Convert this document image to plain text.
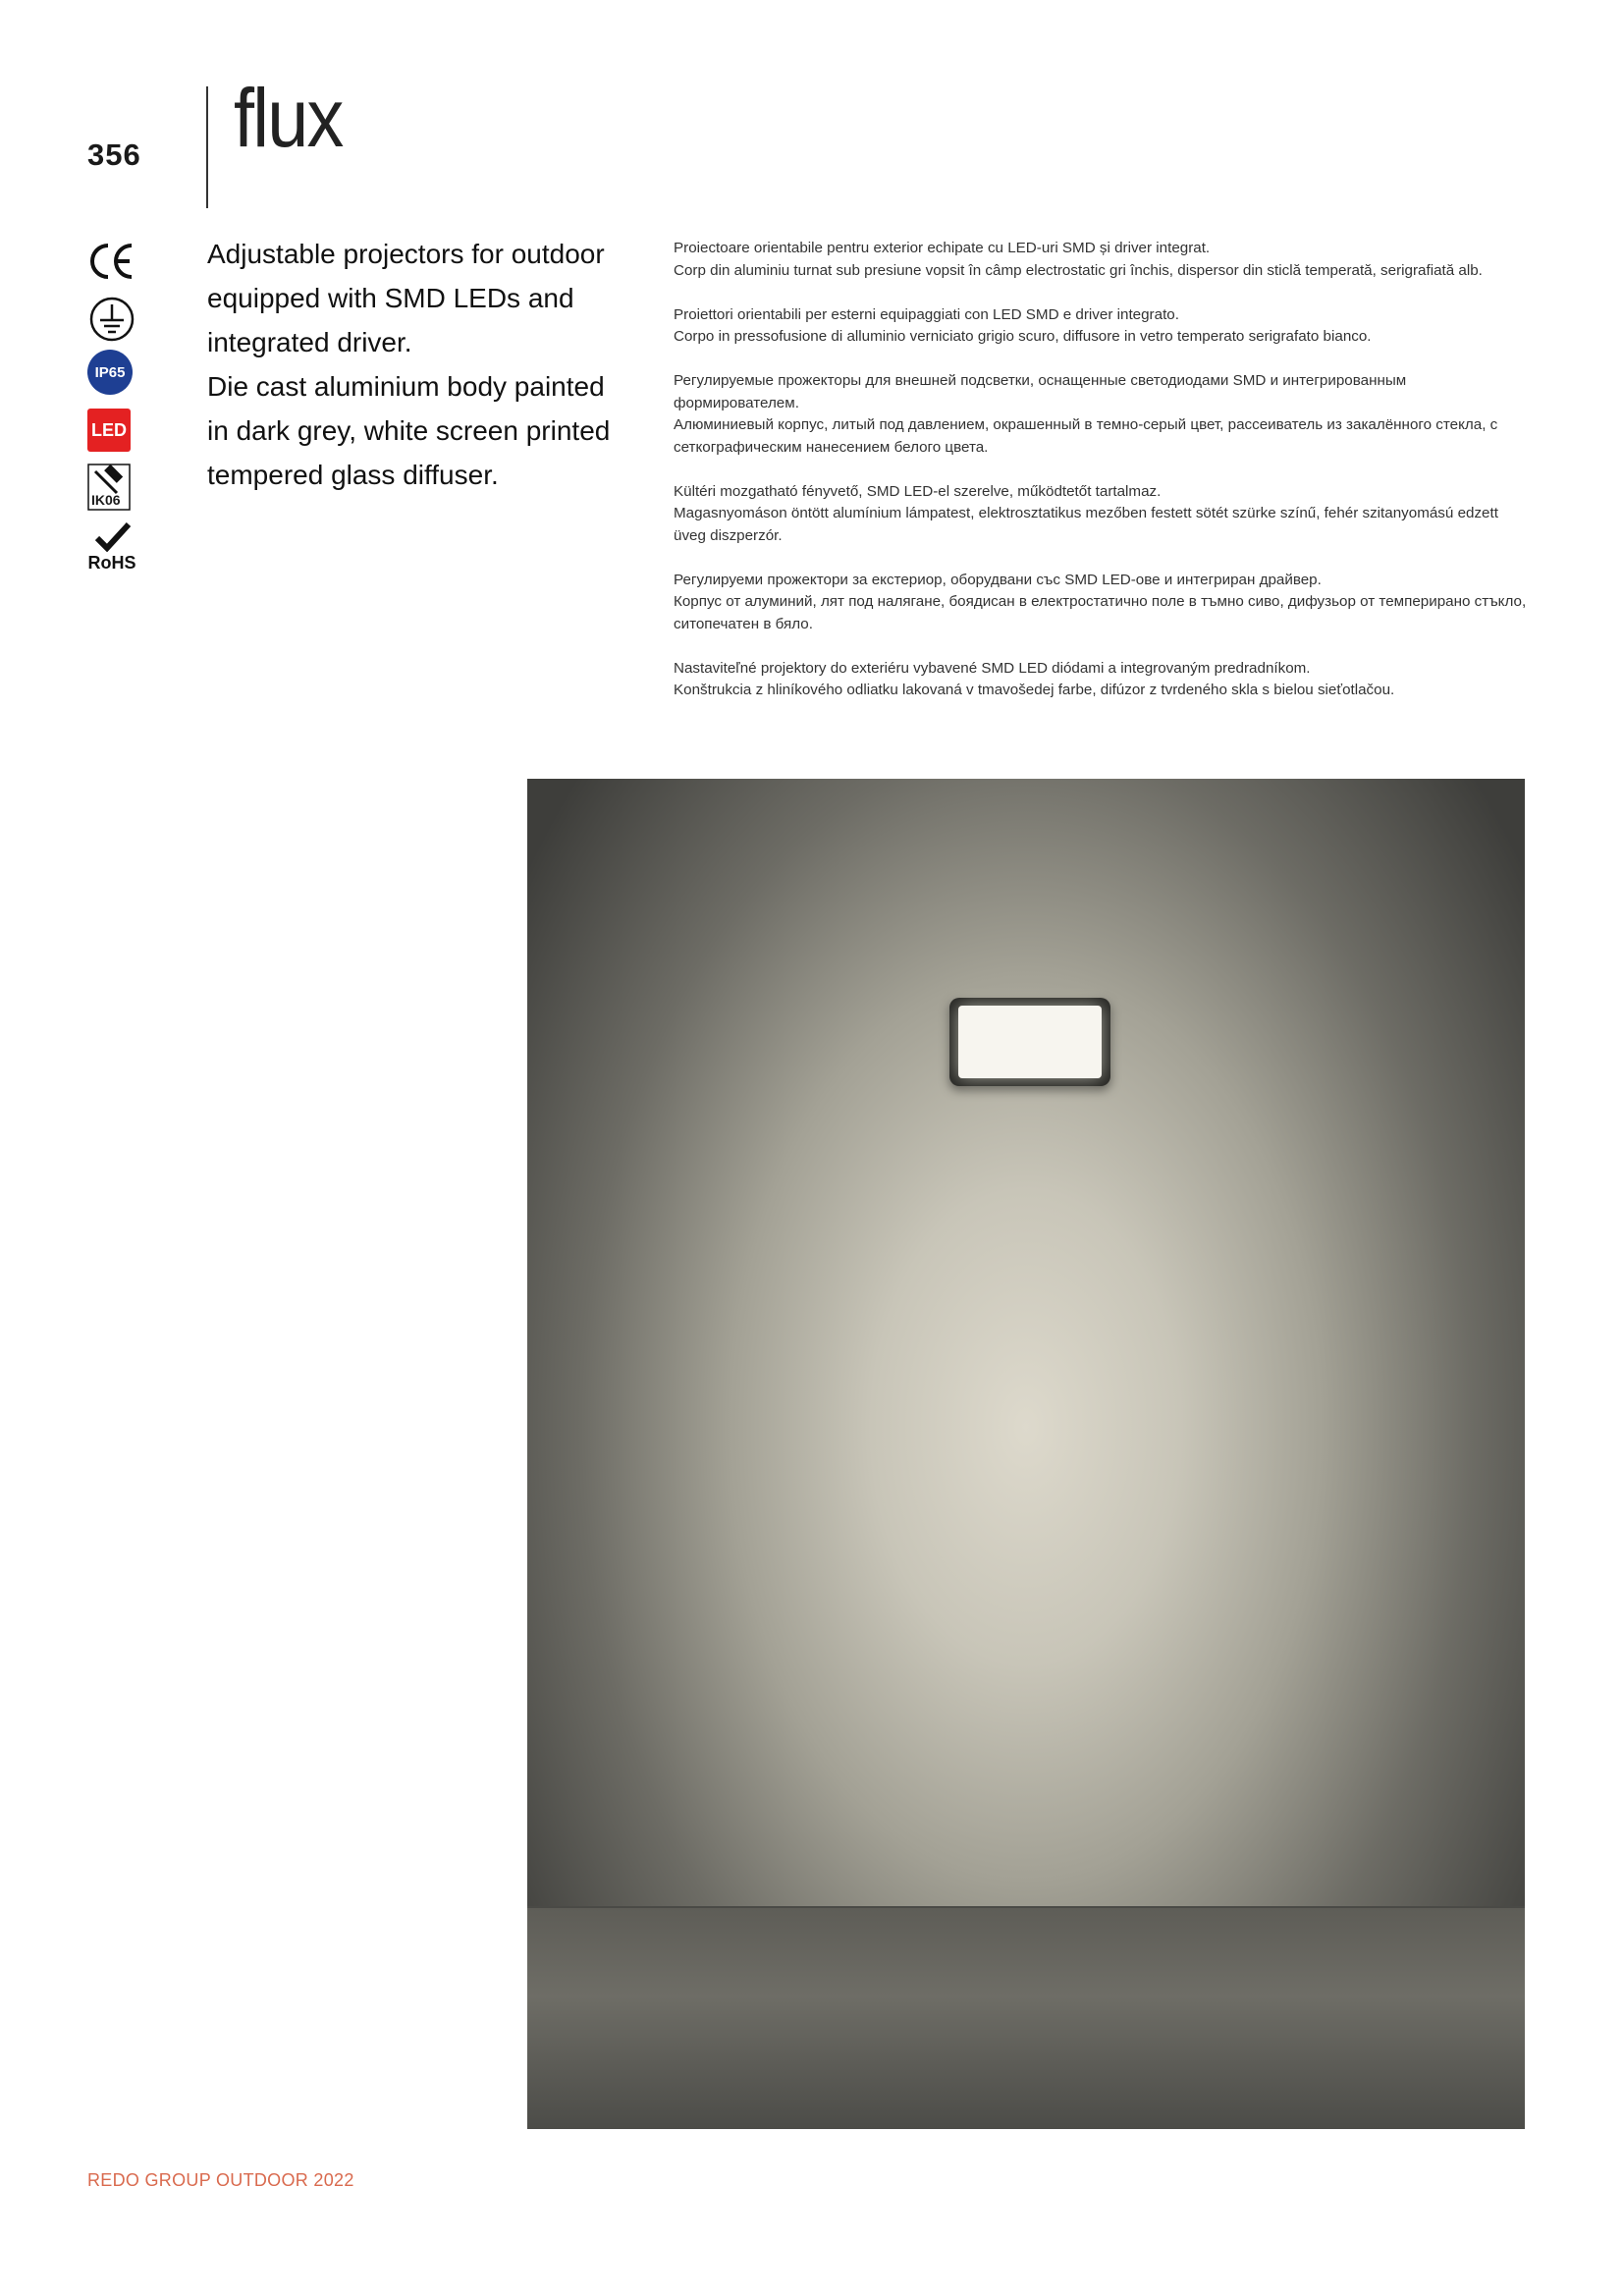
356 flux
IP65
LED
IK06
RoHS

Adjustable projectors for outdoor equipped with SMD LEDs and integrated driver.

Die cast aluminium body painted in dark grey, white screen printed tempered glass diffuser.

Proiectoare orientabile pentru exterior echipate cu LED-uri SMD și driver integrat.

Corp din aluminiu turnat sub presiune vopsit în câmp electrostatic gri închis, dispersor din sticlă temperată, serigrafiată alb.

Proiettori orientabili per esterni equipaggiati con LED SMD e driver integrato.

Corpo in pressofusione di alluminio verniciato grigio scuro, diffusore in vetro temperato serigrafato bianco.

Регулируемые прожекторы для внешней подсветки, оснащенные светодиодами SMD и интегрированным формирователем.

Алюминиевый корпус, литый под давлением, окрашенный в темно-серый цвет, рассеиватель из закалённого стекла, с сеткографическим нанесением белого цвета.

Kültéri mozgatható fényvető, SMD LED-el szerelve, működtetőt tartalmaz.

Magasnyomáson öntött alumínium lámpatest, elektrosztatikus mezőben festett sötét szürke színű, fehér szitanyomású edzett üveg diszperzór.

Регулируеми прожектори за екстериор, оборудвани със SMD LED-ове и интегриран драйвер.

Корпус от алуминий, лят под налягане, боядисан в електростатично поле в тъмно сиво, дифузьор от темперирано стъкло, ситопечатен в бяло.

Nastaviteľné projektory do exteriéru vybavené SMD LED diódami a integrovaným predradníkom.

Konštrukcia z hliníkového odliatku lakovaná v tmavošedej farbe, difúzor z tvrdeného skla s bielou sieťotlačou.

REDO GROUP OUTDOOR 2022
